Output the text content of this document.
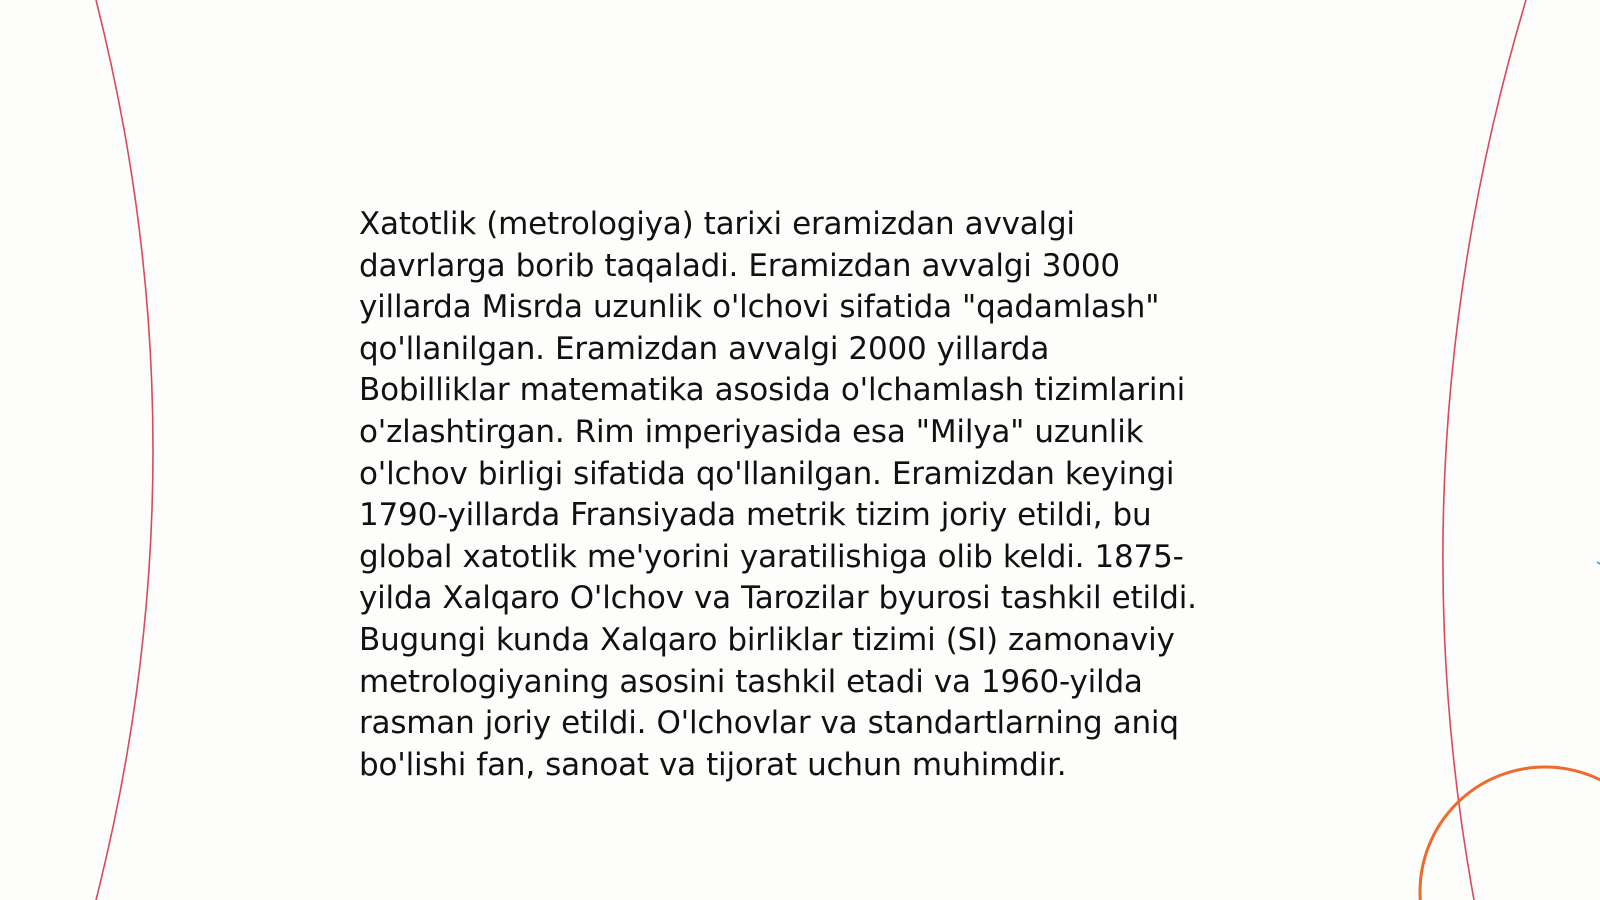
Xatotlik (metrologiya) tarixi eramizdan avvalgi
davrlarga borib taqaladi. Eramizdan avvalgi 3000
yillarda Misrda uzunlik o'lchovi sifatida "qadamlash"
qo'llanilgan. Eramizdan avvalgi 2000 yillarda
Bobilliklar matematika asosida o'lchamlash tizimlarini
o'zlashtirgan. Rim imperiyasida esa "Milya" uzunlik
o'lchov birligi sifatida qo'llanilgan. Eramizdan keyingi
1790-yillarda Fransiyada metrik tizim joriy etildi, bu
global xatotlik me'yorini yaratilishiga olib keldi. 1875-
yilda Xalqaro O'lchov va Tarozilar byurosi tashkil etildi.
Bugungi kunda Xalqaro birliklar tizimi (SI) zamonaviy
metrologiyaning asosini tashkil etadi va 1960-yilda
rasman joriy etildi. O'lchovlar va standartlarning aniq
bo'lishi fan, sanoat va tijorat uchun muhimdir.
